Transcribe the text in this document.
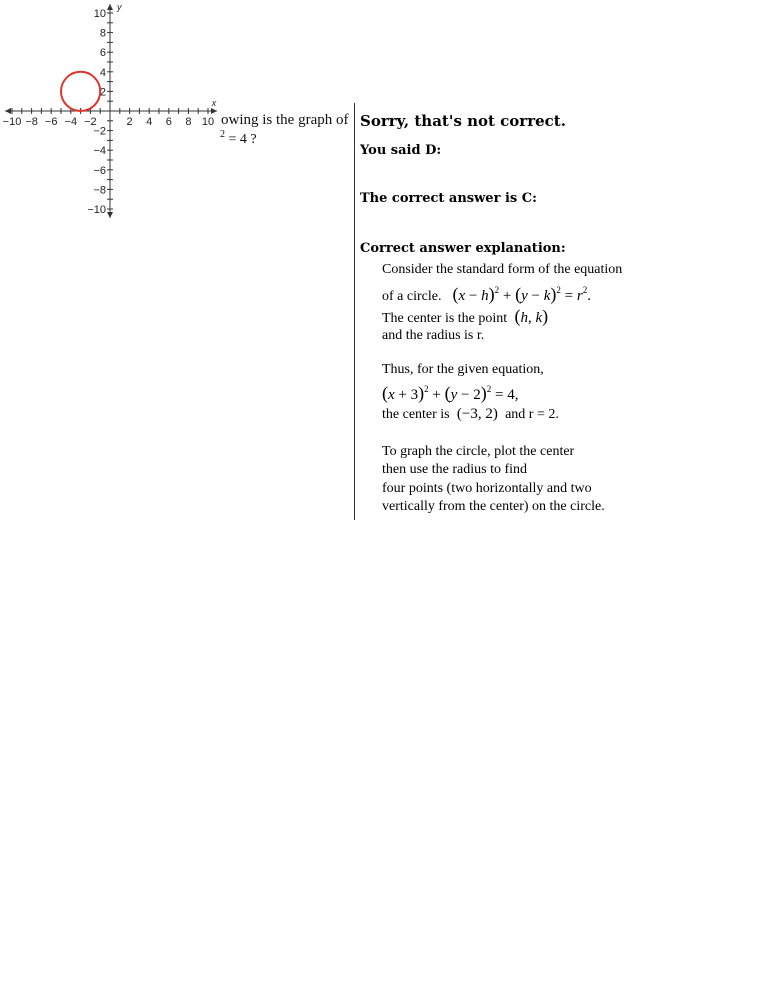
−10 −8 −6 −4 −2	2 4 6 8 10
10
8
6
4
2
−2
−4
−6
−8
−10
x
y
owing is the graph of
$^2$ = 4 ?

Sorry, that's not correct.

You said D:

The correct answer is C:

Correct answer explanation:

Consider the standard form of the equation
of a circle. $(x - h)^2 + (y - k)^2 = r^2$.
The center is the point (h, k)
and the radius is r.
Thus, for the given equation,
$(x + 3)^2 + (y - 2)^2 = 4$,
the center is (−3, 2) and r = 2.
To graph the circle, plot the center
then use the radius to find
four points (two horizontally and two
vertically from the center) on the circle.
